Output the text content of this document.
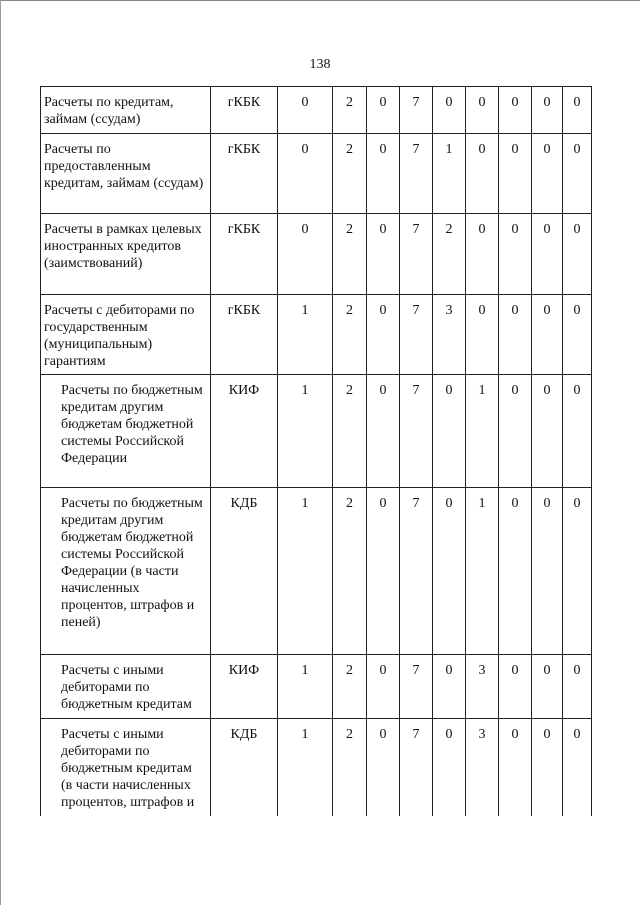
138
Расчеты по кредитам, займам (ссудам)	гКБК	0	2	0	7	0	0	0	0	0
Расчеты по предоставленным кредитам, займам (ссудам)	гКБК	0	2	0	7	1	0	0	0	0
Расчеты в рамках целевых иностранных кредитов (заимствований)	гКБК	0	2	0	7	2	0	0	0	0
Расчеты с дебиторами по государственным (муниципальным) гарантиям	гКБК	1	2	0	7	3	0	0	0	0
Расчеты по бюджетным кредитам другим бюджетам бюджетной системы Российской Федерации	КИФ	1	2	0	7	0	1	0	0	0
Расчеты по бюджетным кредитам другим бюджетам бюджетной системы Российской Федерации (в части начисленных процентов, штрафов и пеней)	КДБ	1	2	0	7	0	1	0	0	0
Расчеты с иными дебиторами по бюджетным кредитам	КИФ	1	2	0	7	0	3	0	0	0
Расчеты с иными дебиторами по бюджетным кредитам (в части начисленных процентов, штрафов и	КДБ	1	2	0	7	0	3	0	0	0
